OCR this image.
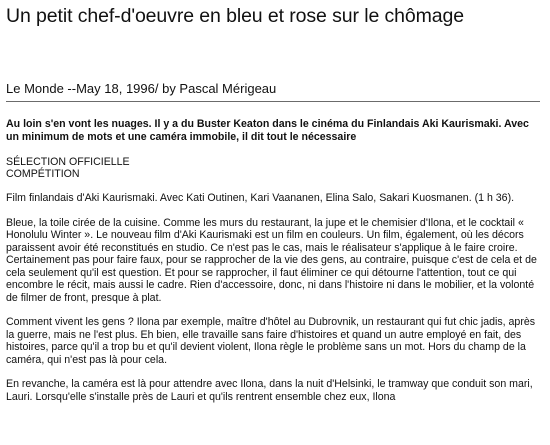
Un petit chef-d'oeuvre en bleu et rose sur le chômage
Le Monde --May 18, 1996/ by Pascal Mérigeau
Au loin s'en vont les nuages. Il y a du Buster Keaton dans le cinéma du Finlandais Aki Kaurismaki. Avec un minimum de mots et une caméra immobile, il dit tout le nécessaire
SÉLECTION OFFICIELLE
COMPÉTITION
Film finlandais d'Aki Kaurismaki. Avec Kati Outinen, Kari Vaananen, Elina Salo, Sakari Kuosmanen. (1 h 36).
Bleue, la toile cirée de la cuisine. Comme les murs du restaurant, la jupe et le chemisier d'Ilona, et le cocktail « Honolulu Winter ». Le nouveau film d'Aki Kaurismaki est un film en couleurs. Un film, également, où les décors paraissent avoir été reconstitués en studio. Ce n'est pas le cas, mais le réalisateur s'applique à le faire croire. Certainement pas pour faire faux, pour se rapprocher de la vie des gens, au contraire, puisque c'est de cela et de cela seulement qu'il est question. Et pour se rapprocher, il faut éliminer ce qui détourne l'attention, tout ce qui encombre le récit, mais aussi le cadre. Rien d'accessoire, donc, ni dans l'histoire ni dans le mobilier, et la volonté de filmer de front, presque à plat.
Comment vivent les gens ? Ilona par exemple, maître d'hôtel au Dubrovnik, un restaurant qui fut chic jadis, après la guerre, mais ne l'est plus. Eh bien, elle travaille sans faire d'histoires et quand un autre employé en fait, des histoires, parce qu'il a trop bu et qu'il devient violent, Ilona règle le problème sans un mot. Hors du champ de la caméra, qui n'est pas là pour cela.
En revanche, la caméra est là pour attendre avec Ilona, dans la nuit d'Helsinki, le tramway que conduit son mari, Lauri. Lorsqu'elle s'installe près de Lauri et qu'ils rentrent ensemble chez eux, Ilona
